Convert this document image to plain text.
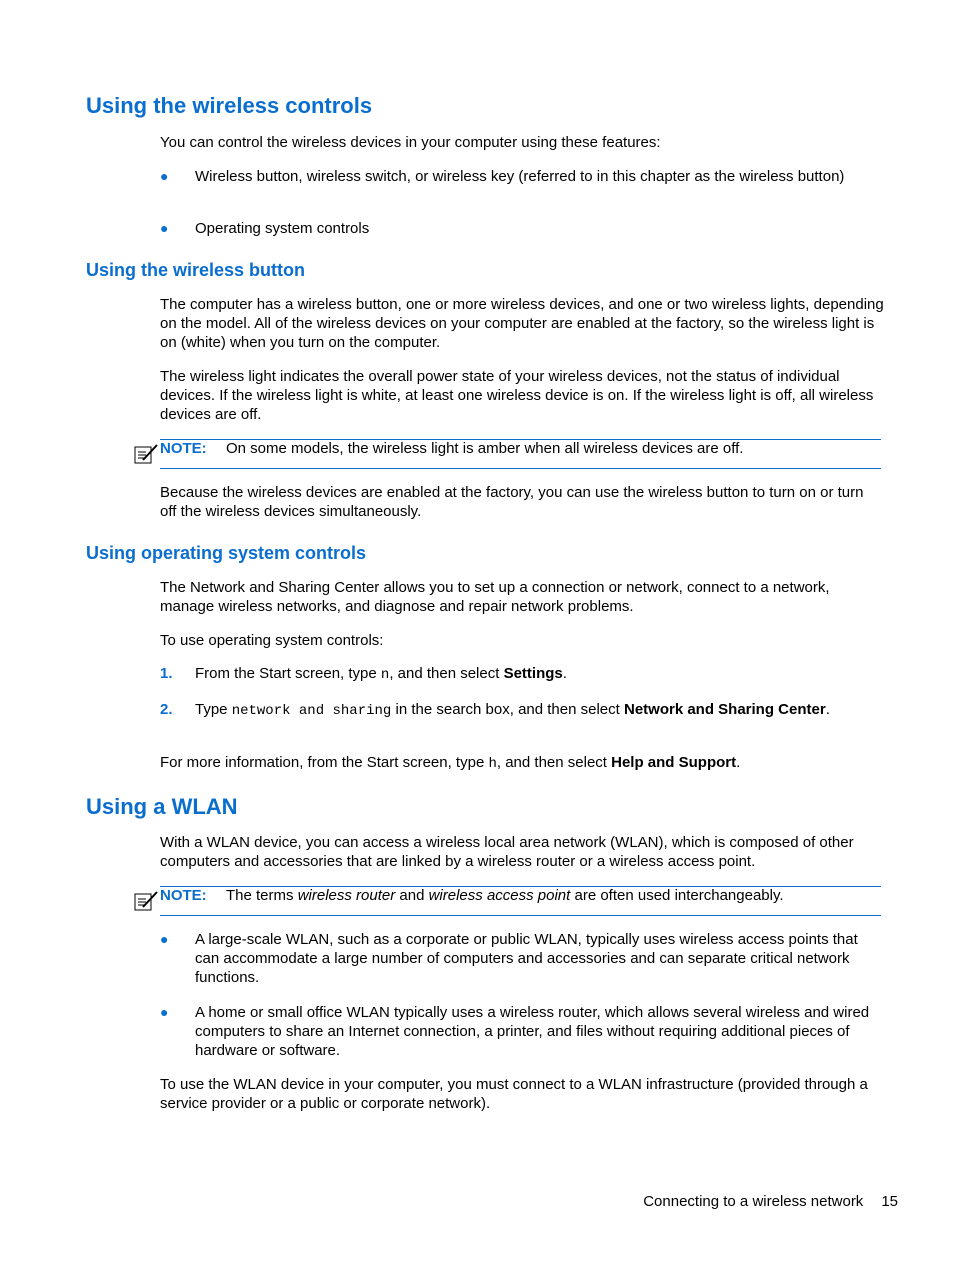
Using the wireless controls

You can control the wireless devices in your computer using these features:

● Wireless button, wireless switch, or wireless key (referred to in this chapter as the wireless button)
● Operating system controls
Using the wireless button

The computer has a wireless button, one or more wireless devices, and one or two wireless lights, depending on the model. All of the wireless devices on your computer are enabled at the factory, so the wireless light is on (white) when you turn on the computer.

The wireless light indicates the overall power state of your wireless devices, not the status of individual devices. If the wireless light is white, at least one wireless device is on. If the wireless light is off, all wireless devices are off.

NOTE: On some models, the wireless light is amber when all wireless devices are off.

Because the wireless devices are enabled at the factory, you can use the wireless button to turn on or turn off the wireless devices simultaneously.

Using operating system controls

The Network and Sharing Center allows you to set up a connection or network, connect to a network, manage wireless networks, and diagnose and repair network problems.

To use operating system controls:

1. From the Start screen, type n, and then select Settings.
2. Type network and sharing in the search box, and then select Network and Sharing Center.

For more information, from the Start screen, type h, and then select Help and Support.

Using a WLAN

With a WLAN device, you can access a wireless local area network (WLAN), which is composed of other computers and accessories that are linked by a wireless router or a wireless access point.

NOTE: The terms wireless router and wireless access point are often used interchangeably.
● A large-scale WLAN, such as a corporate or public WLAN, typically uses wireless access points that can accommodate a large number of computers and accessories and can separate critical network functions.
● A home or small office WLAN typically uses a wireless router, which allows several wireless and wired computers to share an Internet connection, a printer, and files without requiring additional pieces of hardware or software.

To use the WLAN device in your computer, you must connect to a WLAN infrastructure (provided through a service provider or a public or corporate network).

Connecting to a wireless network 15
